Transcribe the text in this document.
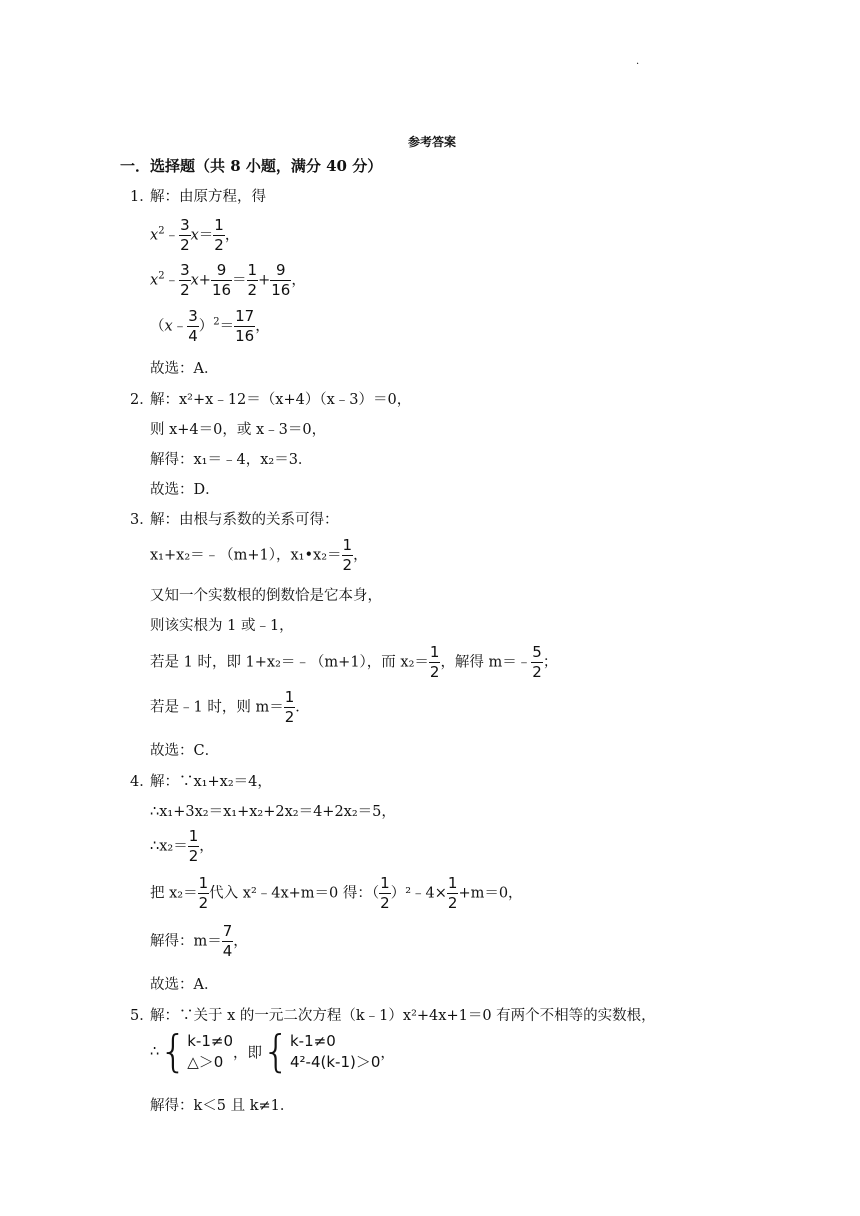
.
参考答案
一．选择题（共 8 小题，满分 40 分）
1．
解：由原方程，得
$x^2﹣ \frac{3}{2} x= \frac{1}{2}$ ，
$x^2﹣ \frac{3}{2} x+ \frac{9}{16} = \frac{1}{2} + \frac{9}{16}$ ，
（x﹣ $\frac{3}{4} )^2= \frac{17}{16}$ ，
故选：A．
2．
解：x²+x﹣12＝（x+4）（x﹣3）＝0，
则 x+4＝0，或 x﹣3＝0，
解得：x₁＝﹣4，x₂＝3．
故选：D．
3．
解：由根与系数的关系可得：
x₁+x₂＝﹣（m+1），x₁•x₂＝ $\frac{1}{2}$ ，
又知一个实数根的倒数恰是它本身，
则该实根为 1 或﹣1，
若是 1 时，即 1+x₂＝﹣（m+1），而 $x_2= \frac{1}{2}$ ，解得 m＝﹣ $\frac{5}{2}$ ；
若是﹣1 时，则 $m= \frac{1}{2}$ ．
故选：C．
4．
解：∵x₁+x₂＝4，
∴x₁+3x₂＝x₁+x₂+2x₂＝4+2x₂＝5，
∴x₂＝ $\frac{1}{2}$ ，
把 $x_2= \frac{1}{2}$ 代入 x²﹣4x+m＝0 得：（ $\frac{1}{2}$ ）²﹣4× $\frac{1}{2} +m=0$，
解得：$m= \frac{7}{4}$ ，
故选：A．
5．
解：∵关于 x 的一元二次方程（k﹣1）x²+4x+1＝0 有两个不相等的实数根，
∴{ k-1≠0
△＞0 ，即{ k-1≠0
4²-4(k-1)＞0 ，
解得：k＜5 且 k≠1．
